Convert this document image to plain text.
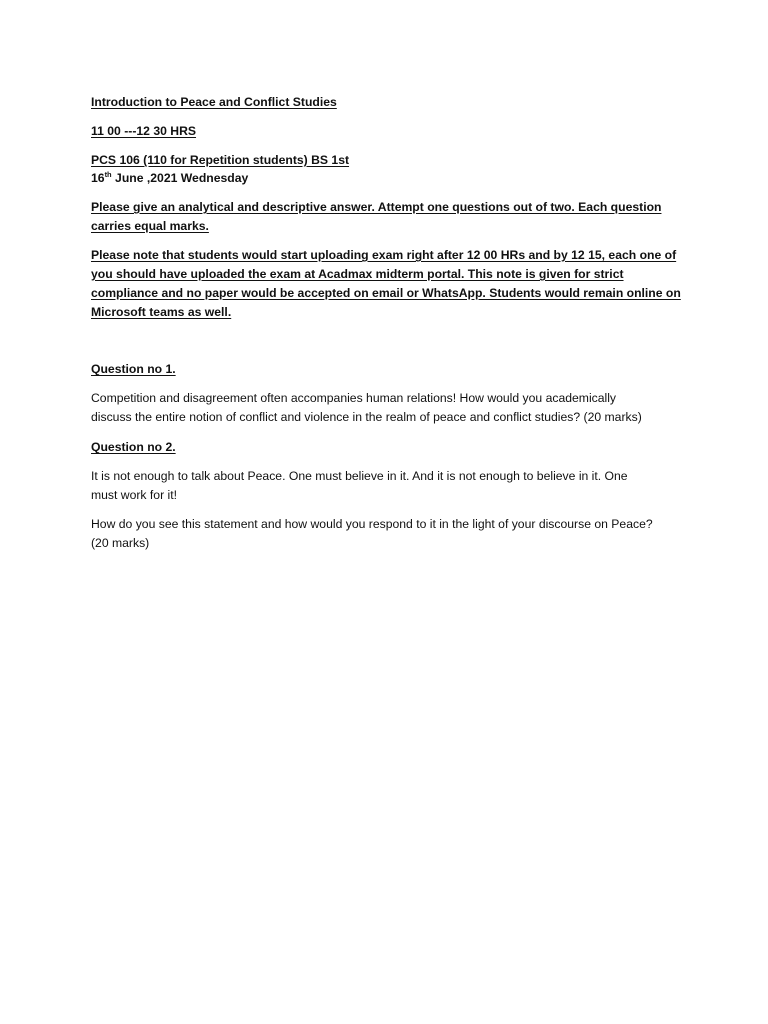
Introduction to Peace and Conflict Studies
11 00 ---12 30 HRS
PCS 106 (110 for Repetition students) BS 1st
16th June ,2021 Wednesday
Please give an analytical and descriptive answer. Attempt one questions out of two. Each question
carries equal marks.
Please note that students would start uploading exam right after 12 00 HRs and by 12 15, each one of
you should have uploaded the exam at Acadmax midterm portal. This note is given for strict
compliance and no paper would be accepted on email or WhatsApp. Students would remain online on
Microsoft teams as well.
Question no 1.
Competition and disagreement often accompanies human relations! How would you academically
discuss the entire notion of conflict and violence in the realm of peace and conflict studies? (20 marks)
Question no 2.
It is not enough to talk about Peace. One must believe in it. And it is not enough to believe in it. One
must work for it!
How do you see this statement and how would you respond to it in the light of your discourse on Peace?
(20 marks)
